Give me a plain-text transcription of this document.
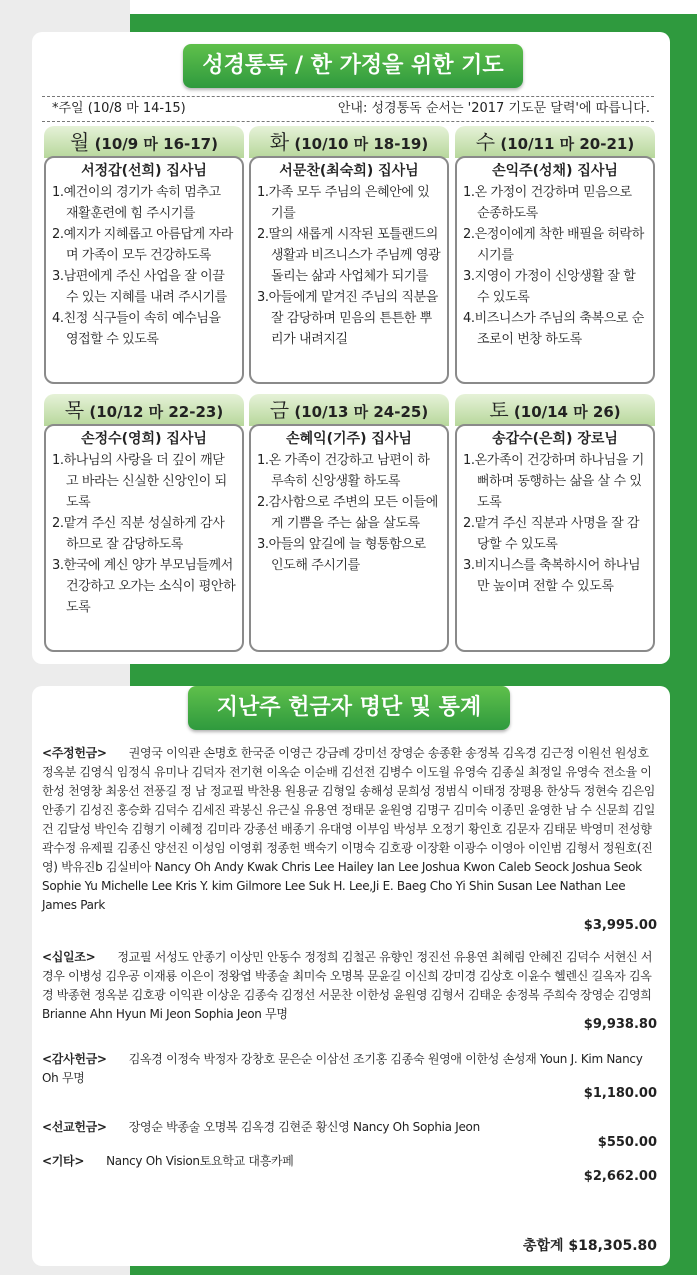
성경통독 / 한 가정을 위한 기도
*주일 (10/8 마 14-15)	안내: 성경통독 순서는 '2017 기도문 달력'에 따릅니다.
월 (10/9 마 16-17)
서정갑(선희) 집사님
1.예건이의 경기가 속히 멈추고 재활훈련에 힘 주시기를
2.예지가 지혜롭고 아름답게 자라며 가족이 모두 건강하도록
3.남편에게 주신 사업을 잘 이끌 수 있는 지혜를 내려 주시기를
4.친정 식구들이 속히 예수님을 영접할 수 있도록
화 (10/10 마 18-19)
서문찬(최숙희) 집사님
1.가족 모두 주님의 은혜안에 있기를
2.딸의 새롭게 시작된 포틀랜드의 생활과 비즈니스가 주님께 영광 돌리는 삶과 사업체가 되기를
3.아들에게 맡겨진 주님의 직분을 잘 감당하며 믿음의 튼튼한 뿌리가 내려지길
수 (10/11 마 20-21)
손익주(성채) 집사님
1.온 가정이 건강하며 믿음으로 순종하도록
2.은정이에게 착한 배필을 허락하시기를
3.지영이 가정이 신앙생활 잘 할 수 있도록
4.비즈니스가 주님의 축복으로 순조로이 번창 하도록
목 (10/12 마 22-23)
손정수(영희) 집사님
1.하나님의 사랑을 더 깊이 깨닫고 바라는 신실한 신앙인이 되도록
2.맡겨 주신 직분 성실하게 감사하므로 잘 감당하도록
3.한국에 계신 양가 부모님들께서 건강하고 오가는 소식이 평안하도록
금 (10/13 마 24-25)
손혜익(기주) 집사님
1.온 가족이 건강하고 남편이 하루속히 신앙생활 하도록
2.감사함으로 주변의 모든 이들에게 기쁨을 주는 삶을 살도록
3.아들의 앞길에 늘 형통함으로 인도해 주시기를
토 (10/14 마 26)
송갑수(은희) 장로님
1.온가족이 건강하며 하나님을 기뻐하며 동행하는 삶을 살 수 있도록
2.맡겨 주신 직분과 사명을 잘 감당할 수 있도록
3.비지니스를 축복하시어 하나님만 높이며 전할 수 있도록
지난주 헌금자 명단 및 통계
<주정헌금> 권영국 이익관 손명호 한국준 이영근 강금례 강미선 장영순 송종환 송정복 김옥경 김근정 이원선 원성호 정옥분 김영식 임정식 유미나 김덕자 전기현 이옥순 이순배 김선전 김병수 이도월 유영숙 김종실 최정일 유영숙 전소율 이한성 천영창 최웅선 전풍길 정 남 정교필 박찬용 원용균 김형일 송해성 문희성 정범식 이태정 장평용 한상득 정현숙 김은임 안종기 김성진 홍승화 김덕수 김세진 곽봉신 유근실 유용연 정태문 윤원영 김명구 김미숙 이종민 윤영한 남 수 신문희 김일건 김달성 박인숙 김형기 이혜정 김미라 강종선 배종기 유대영 이부임 박성부 오정기 황인호 김문자 김태문 박영미 전성향 곽수정 유제필 김종신 양선진 이성임 이영휘 정종헌 백숙기 이명숙 김호광 이장환 이광수 이영아 이인범 김형서 정원호(진영) 박유진b 김실비아 Nancy Oh Andy Kwak Chris Lee Hailey Ian Lee Joshua Kwon Caleb Seock Joshua Seok Sophie Yu Michelle Lee Kris Y. kim Gilmore Lee Suk H. Lee,Ji E. Baeg Cho Yi Shin Susan Lee Nathan Lee James Park
$3,995.00
<십일조> 정교필 서성도 안종기 이상민 안동수 정정희 김철곤 유향인 정진선 유용연 최혜림 안혜진 김덕수 서현신 서경우 이병성 김우공 이재룡 이은이 정왕엽 박종술 최미숙 오명복 문윤길 이신희 강미경 김상호 이윤수 헬렌신 길옥자 김옥경 박종현 정옥분 김호광 이익관 이상운 김종숙 김정선 서문찬 이한성 윤원영 김형서 김태운 송정복 주희숙 장영순 김영희 Brianne Ahn Hyun Mi Jeon Sophia Jeon 무명
$9,938.80
<감사헌금> 김옥경 이정숙 박정자 강창호 문은순 이삼선 조기홍 김종숙 원영애 이한성 손성재 Youn J. Kim Nancy Oh 무명
$1,180.00
<선교헌금> 장영순 박종술 오명복 김옥경 김현준 황신영 Nancy Oh Sophia Jeon
$550.00
<기타> Nancy Oh Vision토요학교 대흥카페
$2,662.00
총합계 $18,305.80
